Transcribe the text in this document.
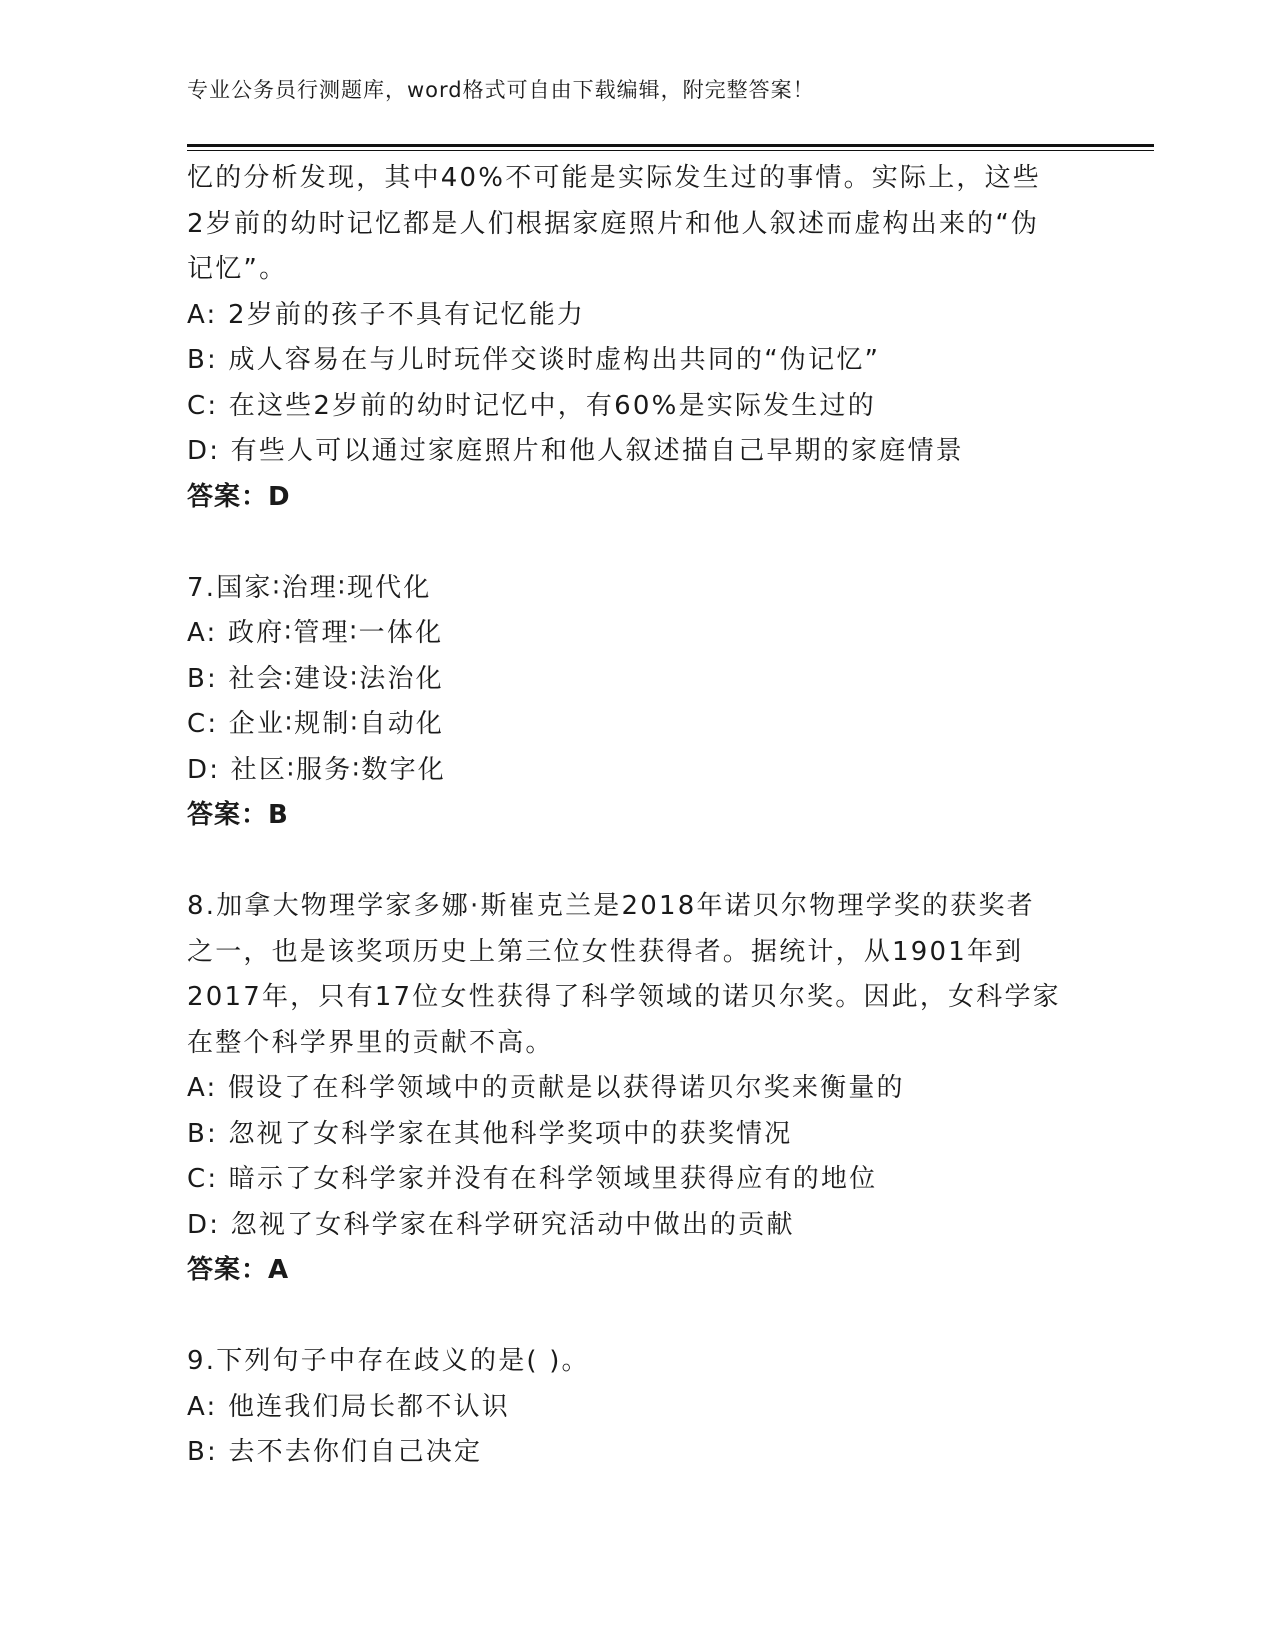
专业公务员行测题库，word格式可自由下载编辑，附完整答案！
忆的分析发现，其中40%不可能是实际发生过的事情。实际上，这些
2岁前的幼时记忆都是人们根据家庭照片和他人叙述而虚构出来的“伪
记忆”。
A: 2岁前的孩子不具有记忆能力
B: 成人容易在与儿时玩伴交谈时虚构出共同的“伪记忆”
C: 在这些2岁前的幼时记忆中，有60%是实际发生过的
D: 有些人可以通过家庭照片和他人叙述描自己早期的家庭情景
答案：D
7.国家∶治理∶现代化
A: 政府∶管理∶一体化
B: 社会∶建设∶法治化
C: 企业∶规制∶自动化
D: 社区∶服务∶数字化
答案：B
8.加拿大物理学家多娜·斯崔克兰是2018年诺贝尔物理学奖的获奖者
之一，也是该奖项历史上第三位女性获得者。据统计，从1901年到
2017年，只有17位女性获得了科学领域的诺贝尔奖。因此，女科学家
在整个科学界里的贡献不高。
A: 假设了在科学领域中的贡献是以获得诺贝尔奖来衡量的
B: 忽视了女科学家在其他科学奖项中的获奖情况
C: 暗示了女科学家并没有在科学领域里获得应有的地位
D: 忽视了女科学家在科学研究活动中做出的贡献
答案：A
9.下列句子中存在歧义的是( )。
A: 他连我们局长都不认识
B: 去不去你们自己决定
